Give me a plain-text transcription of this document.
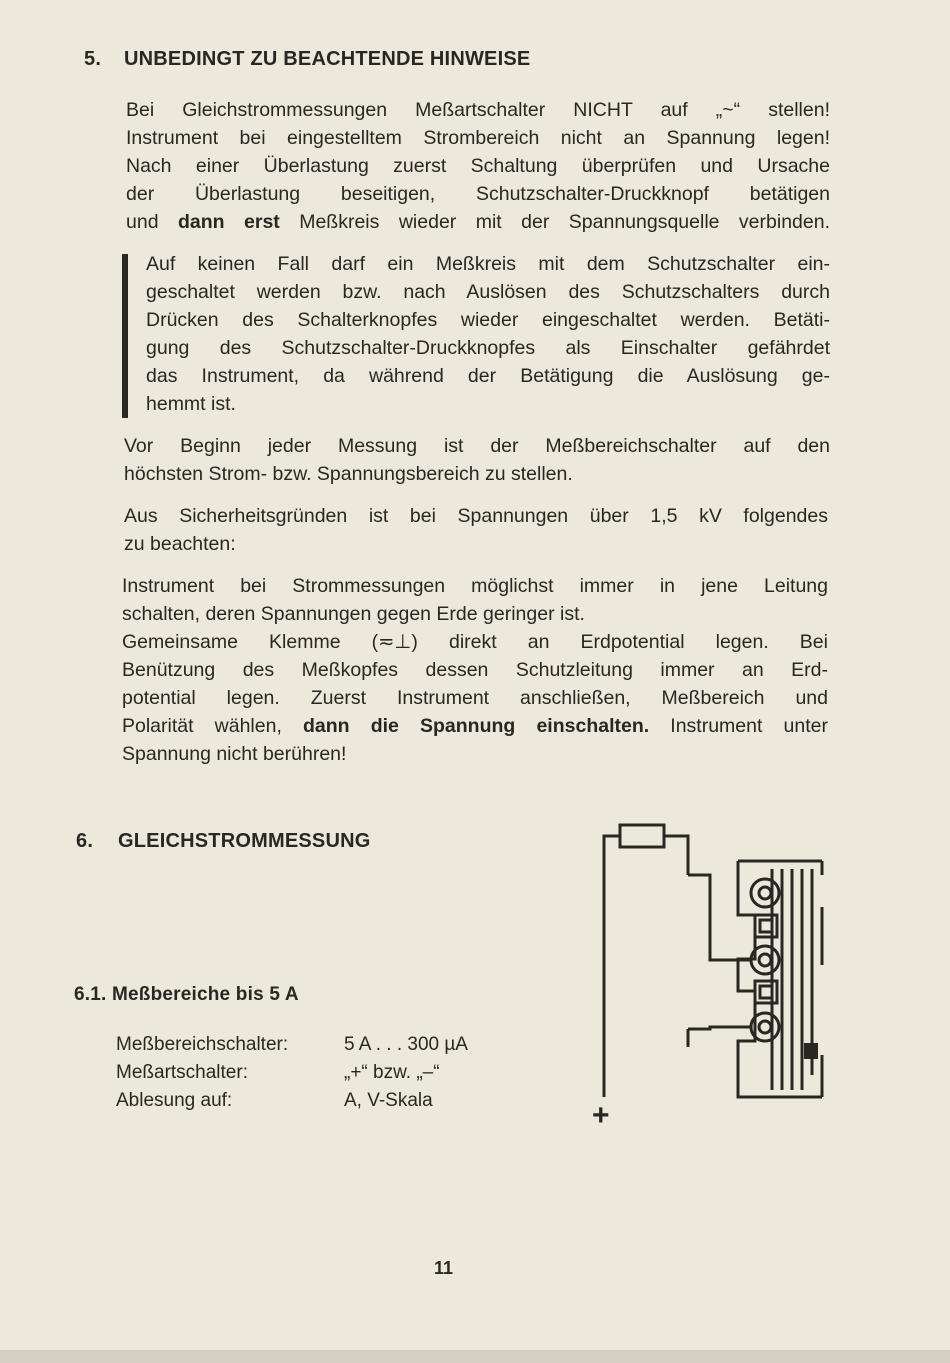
5. UNBEDINGT ZU BEACHTENDE HINWEISE
Bei Gleichstrommessungen Meßartschalter NICHT auf „~“ stellen!
Instrument bei eingestelltem Strombereich nicht an Spannung legen!
Nach einer Überlastung zuerst Schaltung überprüfen und Ursache
der Überlastung beseitigen, Schutzschalter-Druckknopf betätigen
und dann erst Meßkreis wieder mit der Spannungsquelle verbinden.
Auf keinen Fall darf ein Meßkreis mit dem Schutzschalter ein-
geschaltet werden bzw. nach Auslösen des Schutzschalters durch
Drücken des Schalterknopfes wieder eingeschaltet werden. Betäti-
gung des Schutzschalter-Druckknopfes als Einschalter gefährdet
das Instrument, da während der Betätigung die Auslösung ge-
hemmt ist.
Vor Beginn jeder Messung ist der Meßbereichschalter auf den
höchsten Strom- bzw. Spannungsbereich zu stellen.
Aus Sicherheitsgründen ist bei Spannungen über 1,5 kV folgendes
zu beachten:
Instrument bei Strommessungen möglichst immer in jene Leitung
schalten, deren Spannungen gegen Erde geringer ist.
Gemeinsame Klemme (≂⊥) direkt an Erdpotential legen. Bei
Benützung des Meßkopfes dessen Schutzleitung immer an Erd-
potential legen. Zuerst Instrument anschließen, Meßbereich und
Polarität wählen, dann die Spannung einschalten. Instrument unter
Spannung nicht berühren!
6. GLEICHSTROMMESSUNG
6.1. Meßbereiche bis 5 A
Meßbereichschalter:	5 A . . . 300 µA
Meßartschalter:	„+“ bzw. „–“
Ablesung auf:	A, V-Skala	+
11
